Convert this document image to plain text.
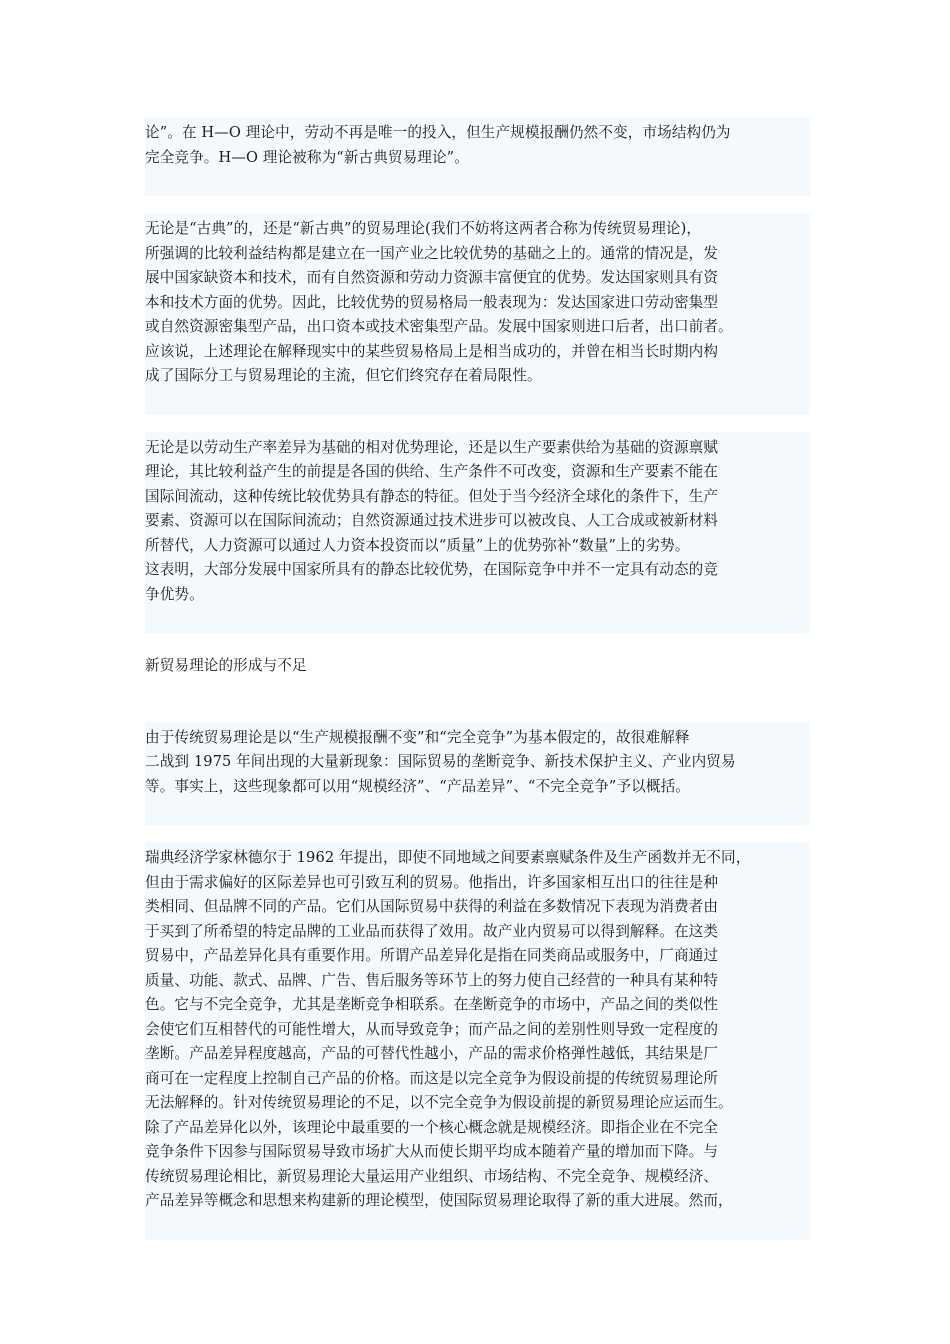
论”。在 H—O 理论中，劳动不再是唯一的投入，但生产规模报酬仍然不变，市场结构仍为
完全竞争。H—O 理论被称为“新古典贸易理论”。
无论是“古典”的，还是“新古典”的贸易理论(我们不妨将这两者合称为传统贸易理论)，
所强调的比较利益结构都是建立在一国产业之比较优势的基础之上的。通常的情况是，发
展中国家缺资本和技术，而有自然资源和劳动力资源丰富便宜的优势。发达国家则具有资
本和技术方面的优势。因此，比较优势的贸易格局一般表现为：发达国家进口劳动密集型
或自然资源密集型产品，出口资本或技术密集型产品。发展中国家则进口后者，出口前者。
应该说，上述理论在解释现实中的某些贸易格局上是相当成功的，并曾在相当长时期内构
成了国际分工与贸易理论的主流，但它们终究存在着局限性。
无论是以劳动生产率差异为基础的相对优势理论，还是以生产要素供给为基础的资源禀赋
理论，其比较利益产生的前提是各国的供给、生产条件不可改变，资源和生产要素不能在
国际间流动，这种传统比较优势具有静态的特征。但处于当今经济全球化的条件下，生产
要素、资源可以在国际间流动；自然资源通过技术进步可以被改良、人工合成或被新材料
所替代，人力资源可以通过人力资本投资而以“质量”上的优势弥补“数量”上的劣势。
这表明，大部分发展中国家所具有的静态比较优势，在国际竞争中并不一定具有动态的竞
争优势。
新贸易理论的形成与不足
由于传统贸易理论是以“生产规模报酬不变”和“完全竞争”为基本假定的，故很难解释
二战到 1975 年间出现的大量新现象：国际贸易的垄断竞争、新技术保护主义、产业内贸易
等。事实上，这些现象都可以用“规模经济”、“产品差异”、“不完全竞争”予以概括。
瑞典经济学家林德尔于 1962 年提出，即使不同地域之间要素禀赋条件及生产函数并无不同，
但由于需求偏好的区际差异也可引致互利的贸易。他指出，许多国家相互出口的往往是种
类相同、但品牌不同的产品。它们从国际贸易中获得的利益在多数情况下表现为消费者由
于买到了所希望的特定品牌的工业品而获得了效用。故产业内贸易可以得到解释。在这类
贸易中，产品差异化具有重要作用。所谓产品差异化是指在同类商品或服务中，厂商通过
质量、功能、款式、品牌、广告、售后服务等环节上的努力使自己经营的一种具有某种特
色。它与不完全竞争，尤其是垄断竞争相联系。在垄断竞争的市场中，产品之间的类似性
会使它们互相替代的可能性增大，从而导致竞争；而产品之间的差别性则导致一定程度的
垄断。产品差异程度越高，产品的可替代性越小，产品的需求价格弹性越低，其结果是厂
商可在一定程度上控制自己产品的价格。而这是以完全竞争为假设前提的传统贸易理论所
无法解释的。针对传统贸易理论的不足，以不完全竞争为假设前提的新贸易理论应运而生。
除了产品差异化以外，该理论中最重要的一个核心概念就是规模经济。即指企业在不完全
竞争条件下因参与国际贸易导致市场扩大从而使长期平均成本随着产量的增加而下降。与
传统贸易理论相比，新贸易理论大量运用产业组织、市场结构、不完全竞争、规模经济、
产品差异等概念和思想来构建新的理论模型，使国际贸易理论取得了新的重大进展。然而，
